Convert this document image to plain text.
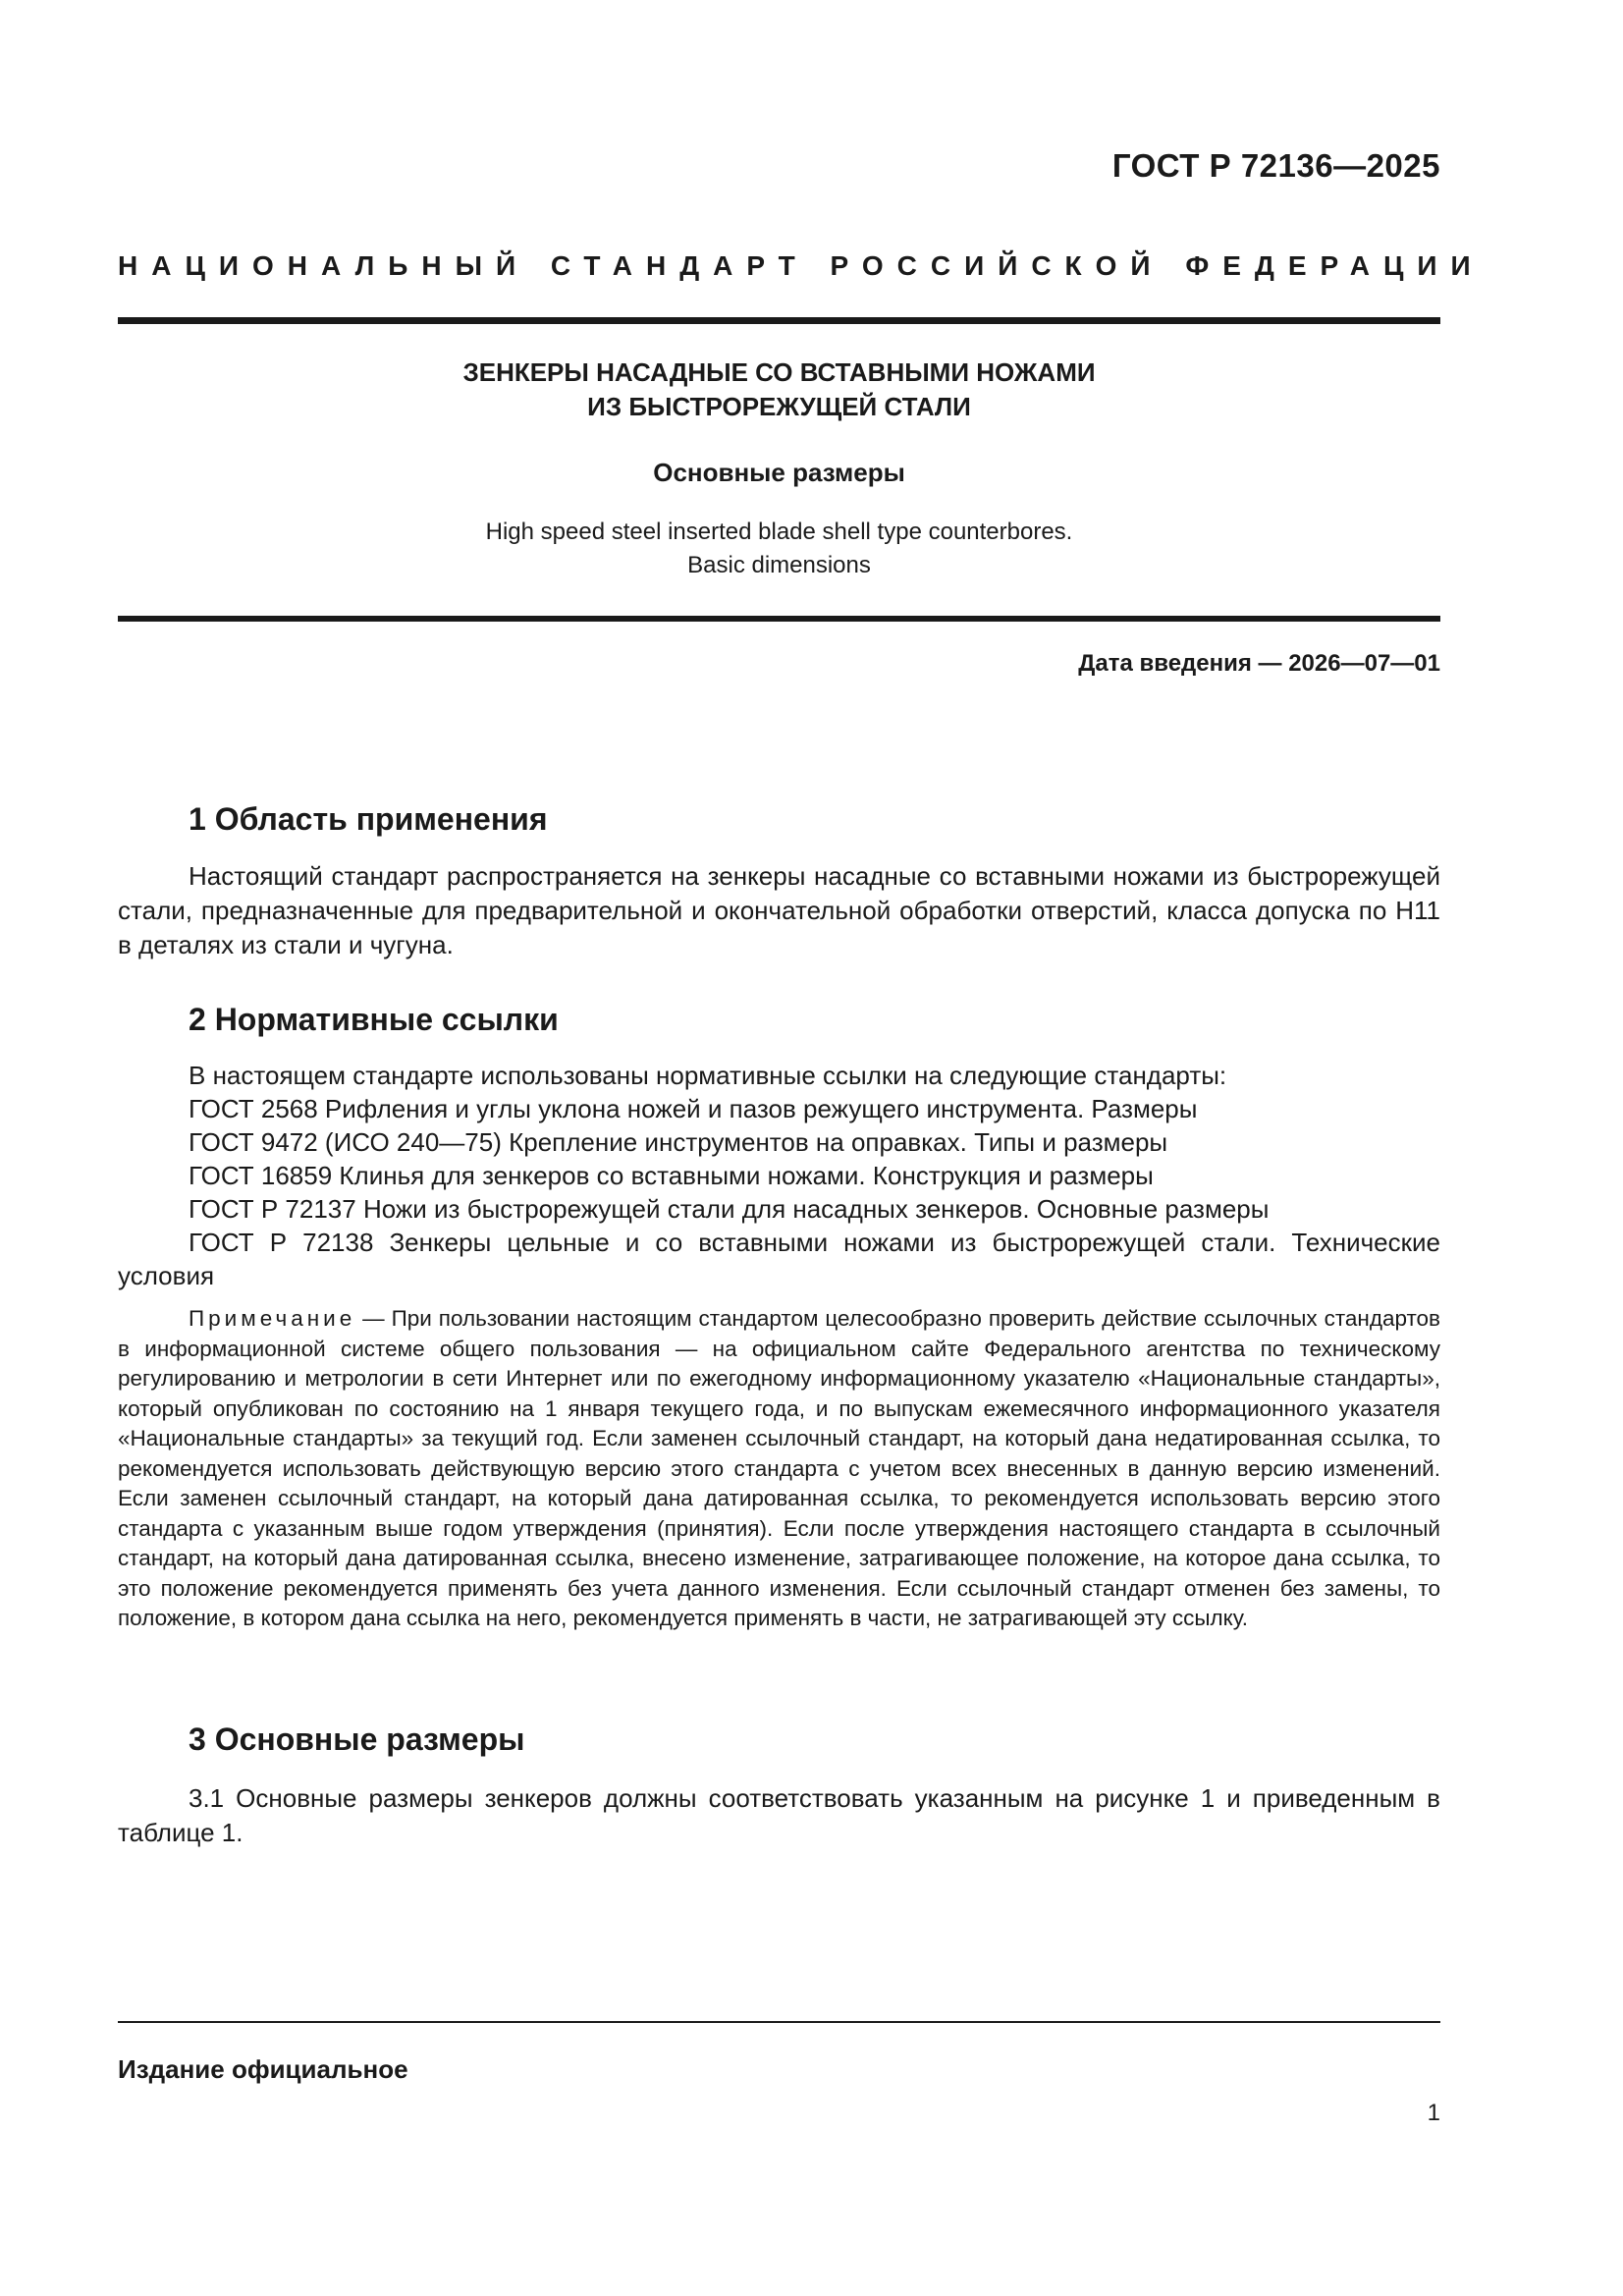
ГОСТ Р 72136—2025
НАЦИОНАЛЬНЫЙ СТАНДАРТ РОССИЙСКОЙ ФЕДЕРАЦИИ
ЗЕНКЕРЫ НАСАДНЫЕ СО ВСТАВНЫМИ НОЖАМИ
ИЗ БЫСТРОРЕЖУЩЕЙ СТАЛИ
Основные размеры
High speed steel inserted blade shell type counterbores.
Basic dimensions
Дата введения — 2026—07—01
1 Область применения

Настоящий стандарт распространяется на зенкеры насадные со вставными ножами из быстрорежущей стали, предназначенные для предварительной и окончательной обработки отверстий, класса допуска по H11 в деталях из стали и чугуна.

2 Нормативные ссылки
В настоящем стандарте использованы нормативные ссылки на следующие стандарты:
ГОСТ 2568 Рифления и углы уклона ножей и пазов режущего инструмента. Размеры
ГОСТ 9472 (ИСО 240—75) Крепление инструментов на оправках. Типы и размеры
ГОСТ 16859 Клинья для зенкеров со вставными ножами. Конструкция и размеры
ГОСТ Р 72137 Ножи из быстрорежущей стали для насадных зенкеров. Основные размеры
ГОСТ Р 72138 Зенкеры цельные и со вставными ножами из быстрорежущей стали. Технические
условия

Примечание — При пользовании настоящим стандартом целесообразно проверить действие ссылочных стандартов в информационной системе общего пользования — на официальном сайте Федерального агентства по техническому регулированию и метрологии в сети Интернет или по ежегодному информационному указателю «Национальные стандарты», который опубликован по состоянию на 1 января текущего года, и по выпускам ежемесячного информационного указателя «Национальные стандарты» за текущий год. Если заменен ссылочный стандарт, на который дана недатированная ссылка, то рекомендуется использовать действующую версию этого стандарта с учетом всех внесенных в данную версию изменений. Если заменен ссылочный стандарт, на который дана датированная ссылка, то рекомендуется использовать версию этого стандарта с указанным выше годом утверждения (принятия). Если после утверждения настоящего стандарта в ссылочный стандарт, на который дана датированная ссылка, внесено изменение, затрагивающее положение, на которое дана ссылка, то это положение рекомендуется применять без учета данного изменения. Если ссылочный стандарт отменен без замены, то положение, в котором дана ссылка на него, рекомендуется применять в части, не затрагивающей эту ссылку.

3 Основные размеры

3.1 Основные размеры зенкеров должны соответствовать указанным на рисунке 1 и приведенным в таблице 1.

Издание официальное
1
